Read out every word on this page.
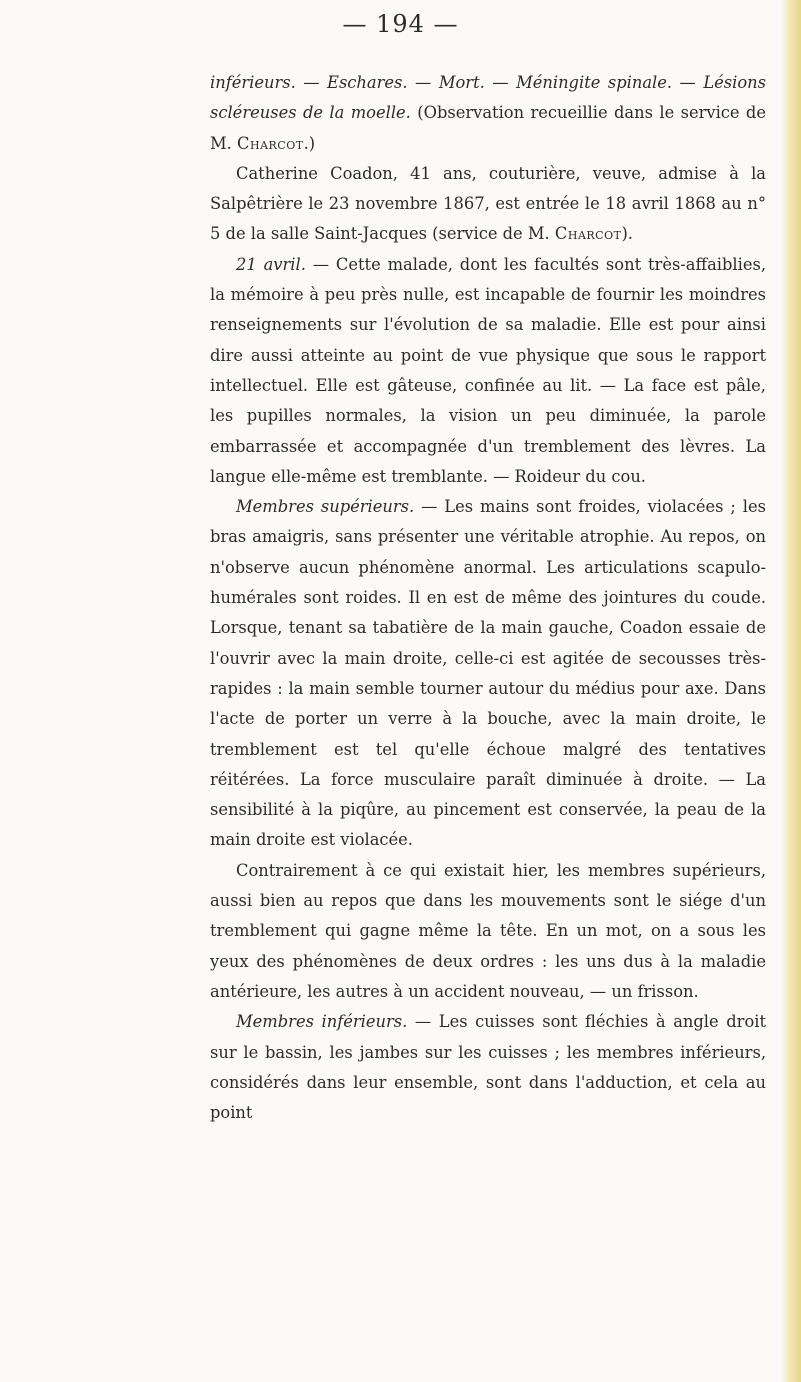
— 194 —

inférieurs. — Eschares. — Mort. — Méningite spinale. — Lésions scléreuses de la moelle. (Observation recueillie dans le service de M. Charcot.)

Catherine Coadon, 41 ans, couturière, veuve, admise à la Salpêtrière le 23 novembre 1867, est entrée le 18 avril 1868 au n° 5 de la salle Saint-Jacques (service de M. Charcot).

21 avril. — Cette malade, dont les facultés sont très-affaiblies, la mémoire à peu près nulle, est incapable de fournir les moindres renseignements sur l'évolution de sa maladie. Elle est pour ainsi dire aussi atteinte au point de vue physique que sous le rapport intellectuel. Elle est gâteuse, confinée au lit. — La face est pâle, les pupilles normales, la vision un peu diminuée, la parole embarrassée et accompagnée d'un tremblement des lèvres. La langue elle-même est tremblante. — Roideur du cou.

Membres supérieurs. — Les mains sont froides, violacées ; les bras amaigris, sans présenter une véritable atrophie. Au repos, on n'observe aucun phénomène anormal. Les articulations scapulo-humérales sont roides. Il en est de même des jointures du coude. Lorsque, tenant sa tabatière de la main gauche, Coadon essaie de l'ouvrir avec la main droite, celle-ci est agitée de secousses très-rapides : la main semble tourner autour du médius pour axe. Dans l'acte de porter un verre à la bouche, avec la main droite, le tremblement est tel qu'elle échoue malgré des tentatives réitérées. La force musculaire paraît diminuée à droite. — La sensibilité à la piqûre, au pincement est conservée, la peau de la main droite est violacée.

Contrairement à ce qui existait hier, les membres supérieurs, aussi bien au repos que dans les mouvements sont le siége d'un tremblement qui gagne même la tête. En un mot, on a sous les yeux des phénomènes de deux ordres : les uns dus à la maladie antérieure, les autres à un accident nouveau, — un frisson.

Membres inférieurs. — Les cuisses sont fléchies à angle droit sur le bassin, les jambes sur les cuisses ; les membres inférieurs, considérés dans leur ensemble, sont dans l'adduction, et cela au point
